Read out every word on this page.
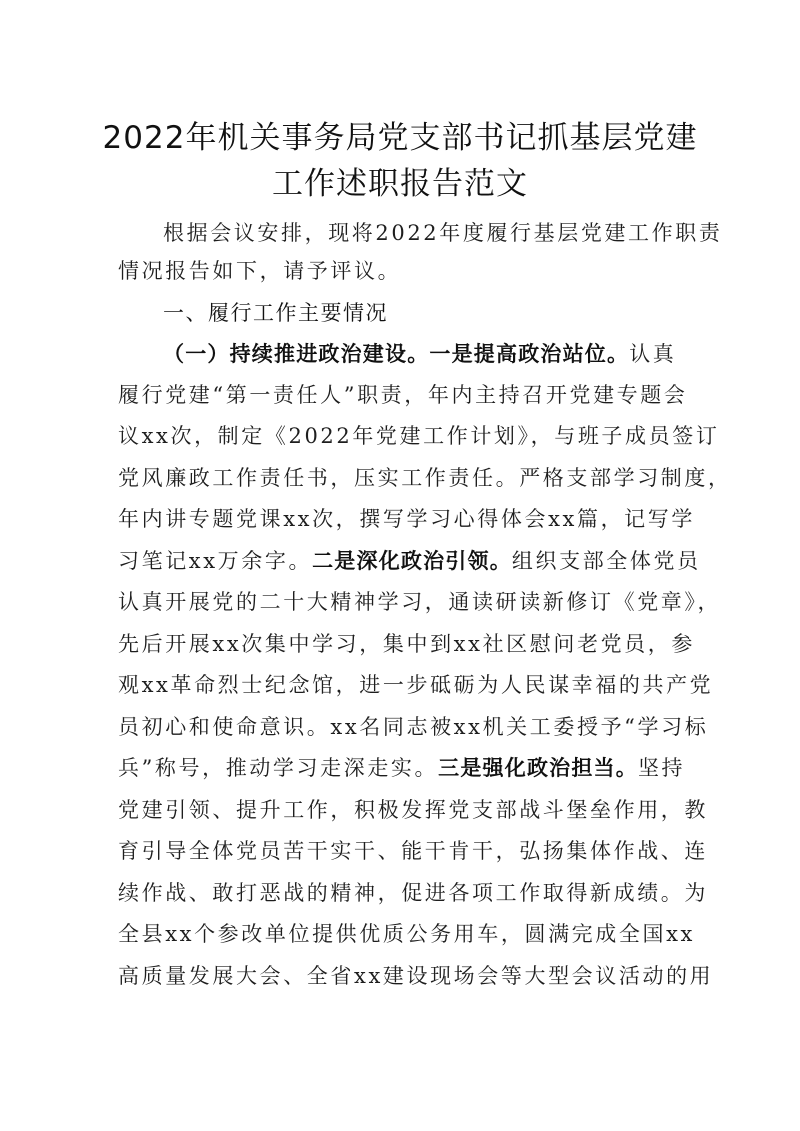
2022年机关事务局党支部书记抓基层党建
工作述职报告范文
根据会议安排，现将2022年度履行基层党建工作职责
情况报告如下，请予评议。
一、履行工作主要情况
（一）持续推进政治建设。一是提高政治站位。认真
履行党建“第一责任人”职责，年内主持召开党建专题会
议xx次，制定《2022年党建工作计划》，与班子成员签订
党风廉政工作责任书，压实工作责任。严格支部学习制度，
年内讲专题党课xx次，撰写学习心得体会xx篇，记写学
习笔记xx万余字。二是深化政治引领。组织支部全体党员
认真开展党的二十大精神学习，通读研读新修订《党章》，
先后开展xx次集中学习，集中到xx社区慰问老党员，参
观xx革命烈士纪念馆，进一步砥砺为人民谋幸福的共产党
员初心和使命意识。xx名同志被xx机关工委授予“学习标
兵”称号，推动学习走深走实。三是强化政治担当。坚持
党建引领、提升工作，积极发挥党支部战斗堡垒作用，教
育引导全体党员苦干实干、能干肯干，弘扬集体作战、连
续作战、敢打恶战的精神，促进各项工作取得新成绩。为
全县xx个参改单位提供优质公务用车，圆满完成全国xx
高质量发展大会、全省xx建设现场会等大型会议活动的用
